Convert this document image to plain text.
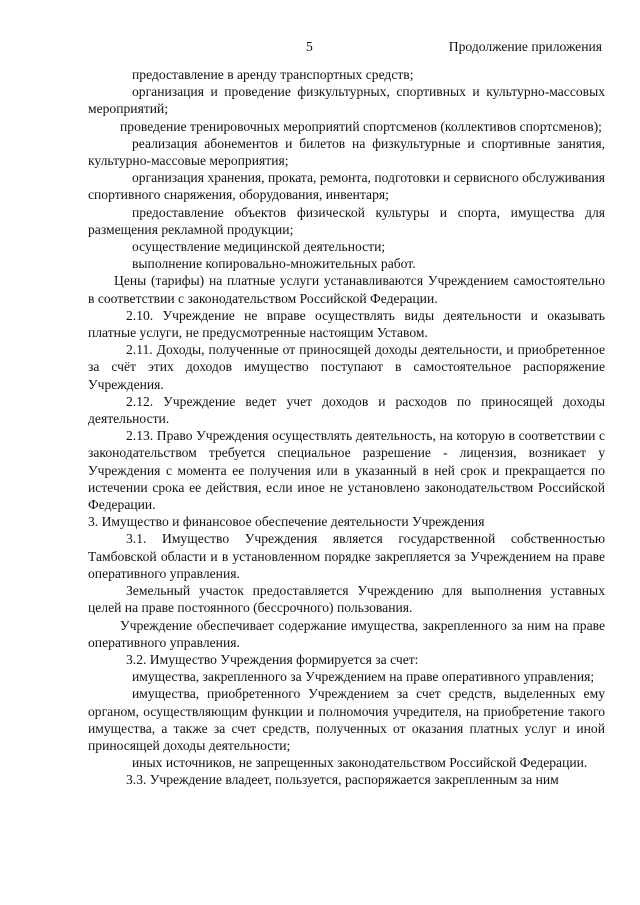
5	Продолжение приложения

предоставление в аренду транспортных средств;

организация и проведение физкультурных, спортивных и культурно-массовых мероприятий;

проведение тренировочных мероприятий спортсменов (коллективов спортсменов);

реализация абонементов и билетов на физкультурные и спортивные занятия, культурно-массовые мероприятия;

организация хранения, проката, ремонта, подготовки и сервисного обслуживания спортивного снаряжения, оборудования, инвентаря;

предоставление объектов физической культуры и спорта, имущества для размещения рекламной продукции;

осуществление медицинской деятельности;

выполнение копировально-множительных работ.

Цены (тарифы) на платные услуги устанавливаются Учреждением самостоятельно в соответствии с законодательством Российской Федерации.

2.10. Учреждение не вправе осуществлять виды деятельности и оказывать платные услуги, не предусмотренные настоящим Уставом.

2.11. Доходы, полученные от приносящей доходы деятельности, и приобретенное за счёт этих доходов имущество поступают в самостоятельное распоряжение Учреждения.

2.12. Учреждение ведет учет доходов и расходов по приносящей доходы деятельности.

2.13. Право Учреждения осуществлять деятельность, на которую в соответствии с законодательством требуется специальное разрешение - лицензия, возникает у Учреждения с момента ее получения или в указанный в ней срок и прекращается по истечении срока ее действия, если иное не установлено законодательством Российской Федерации.

3. Имущество и финансовое обеспечение деятельности Учреждения

3.1. Имущество Учреждения является государственной собственностью Тамбовской области и в установленном порядке закрепляется за Учреждением на праве оперативного управления.

Земельный участок предоставляется Учреждению для выполнения уставных целей на праве постоянного (бессрочного) пользования.

Учреждение обеспечивает содержание имущества, закрепленного за ним на праве оперативного управления.

3.2. Имущество Учреждения формируется за счет:

имущества, закрепленного за Учреждением на праве оперативного управления;

имущества, приобретенного Учреждением за счет средств, выделенных ему органом, осуществляющим функции и полномочия учредителя, на приобретение такого имущества, а также за счет средств, полученных от оказания платных услуг и иной приносящей доходы деятельности;

иных источников, не запрещенных законодательством Российской Федерации.

3.3. Учреждение владеет, пользуется, распоряжается закрепленным за ним
